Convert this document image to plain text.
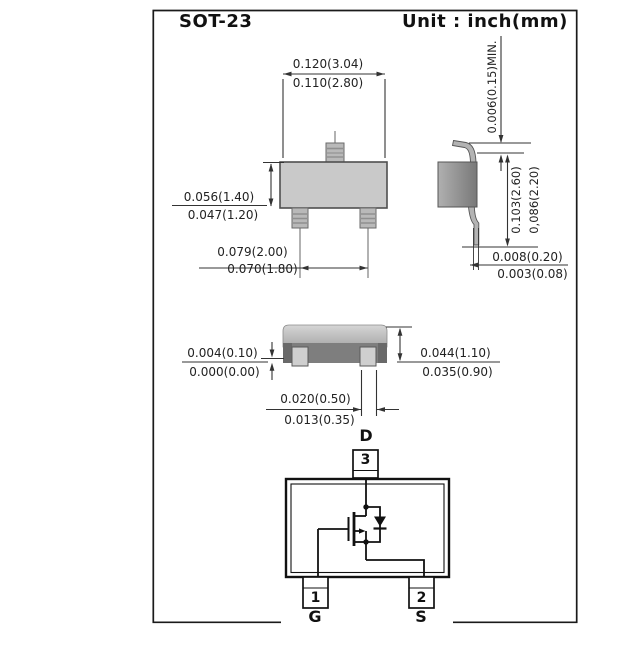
SOT-23	Unit : inch(mm)
0.120(3.04)
0.110(2.80)
0.056(1.40)
0.047(1.20)
0.079(2.00)
0.070(1.80)
0.006(0.15)MIN.
0.103(2.60) 0,086(2.20)
0.008(0.20)
0.003(0.08)
0.004(0.10)
0.000(0.00)
0.044(1.10)
0.035(0.90)
0.020(0.50)
0.013(0.35)
D
3
1	2
G	S
